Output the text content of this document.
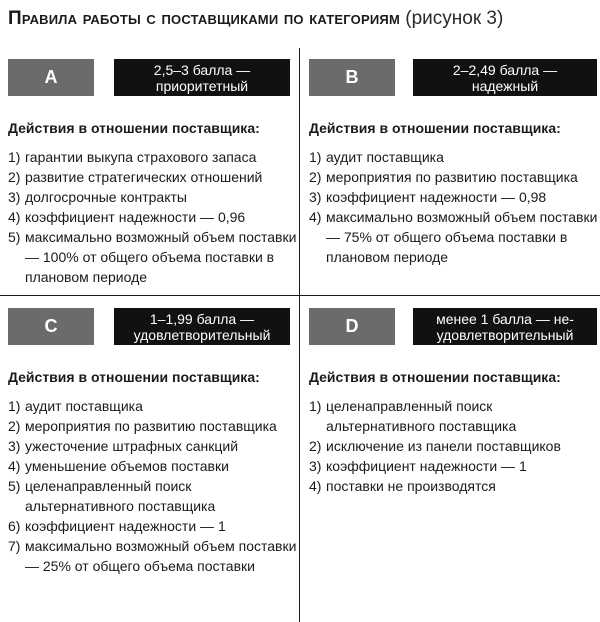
Правила работы с поставщиками по категориям (рисунок 3)
A	2,5–3 балла —
приоритетный
Действия в отношении поставщика:
1) гарантии выкупа страхового запаса
2) развитие стратегических отношений
3) долгосрочные контракты
4) коэффициент надежности — 0,96
5) максимально возможный объем поставки — 100% от общего объема поставки в плановом периоде
B	2–2,49 балла —
надежный
Действия в отношении поставщика:
1) аудит поставщика
2) мероприятия по развитию поставщика
3) коэффициент надежности — 0,98
4) максимально возможный объем поставки — 75% от общего объема поставки в плановом периоде
C	1–1,99 балла —
удовлетворительный
Действия в отношении поставщика:
1) аудит поставщика
2) мероприятия по развитию поставщика
3) ужесточение штрафных санкций
4) уменьшение объемов поставки
5) целенаправленный поиск альтернативного поставщика
6) коэффициент надежности — 1
7) максимально возможный объем поставки — 25% от общего объема поставки
D	менее 1 балла — не-
удовлетворительный
Действия в отношении поставщика:
1) целенаправленный поиск альтернативного поставщика
2) исключение из панели поставщиков
3) коэффициент надежности — 1
4) поставки не производятся
